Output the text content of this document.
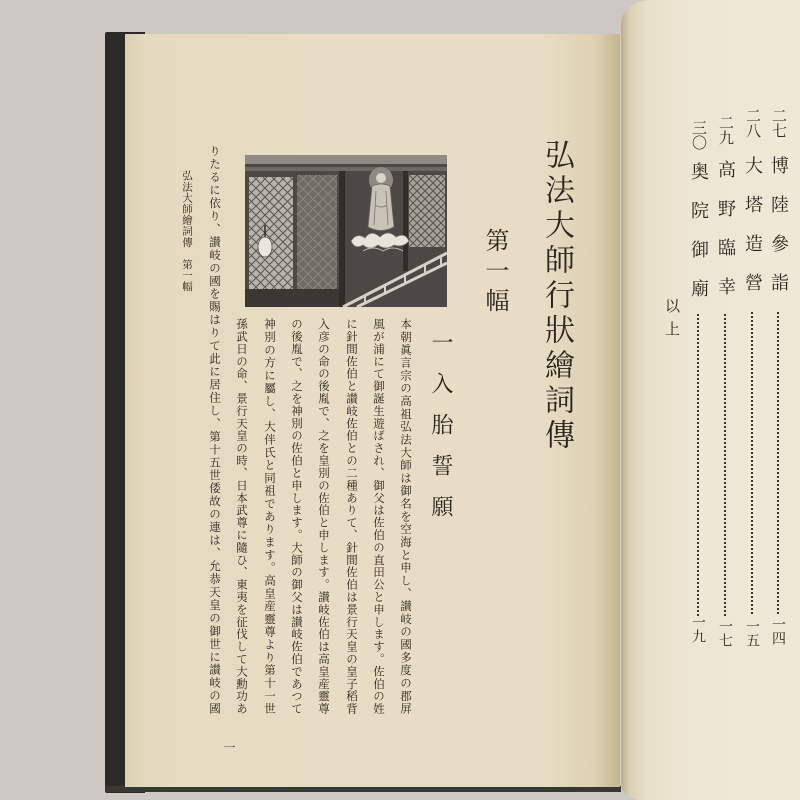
弘法大師行狀繪詞傳
第一幅
一入胎誓願
本朝眞言宗の高祖弘法大師は御名を空海と申し、讃岐の國多度の郡屏
風が浦にて御誕生遊ばされ、御父は佐伯の直田公と申します。佐伯の姓
に針間佐伯と讃岐佐伯との二種ありて、針間佐伯は景行天皇の皇子稻背
入彦の命の後胤で、之を皇別の佐伯と申します。讃岐佐伯は高皇産靈尊
の後胤で、之を神別の佐伯と申します。大師の御父は讃岐佐伯であつて
神別の方に屬し、大伴氏と同祖であります。高皇産靈尊より第十一世
孫武日の命、景行天皇の時、日本武尊に隨ひ、東夷を征伐して大勳功あ
りたるに依り、讃岐の國を賜はりて此に居住し、第十五世倭故の連は、允恭天皇の御世に讃岐の國
弘法大師繪詞傳　第一幅
一
二七
博陸參詣
一四
二八
大塔造營
一五
二九
高野臨幸
一七
三〇
奥院御廟
一九
以上
